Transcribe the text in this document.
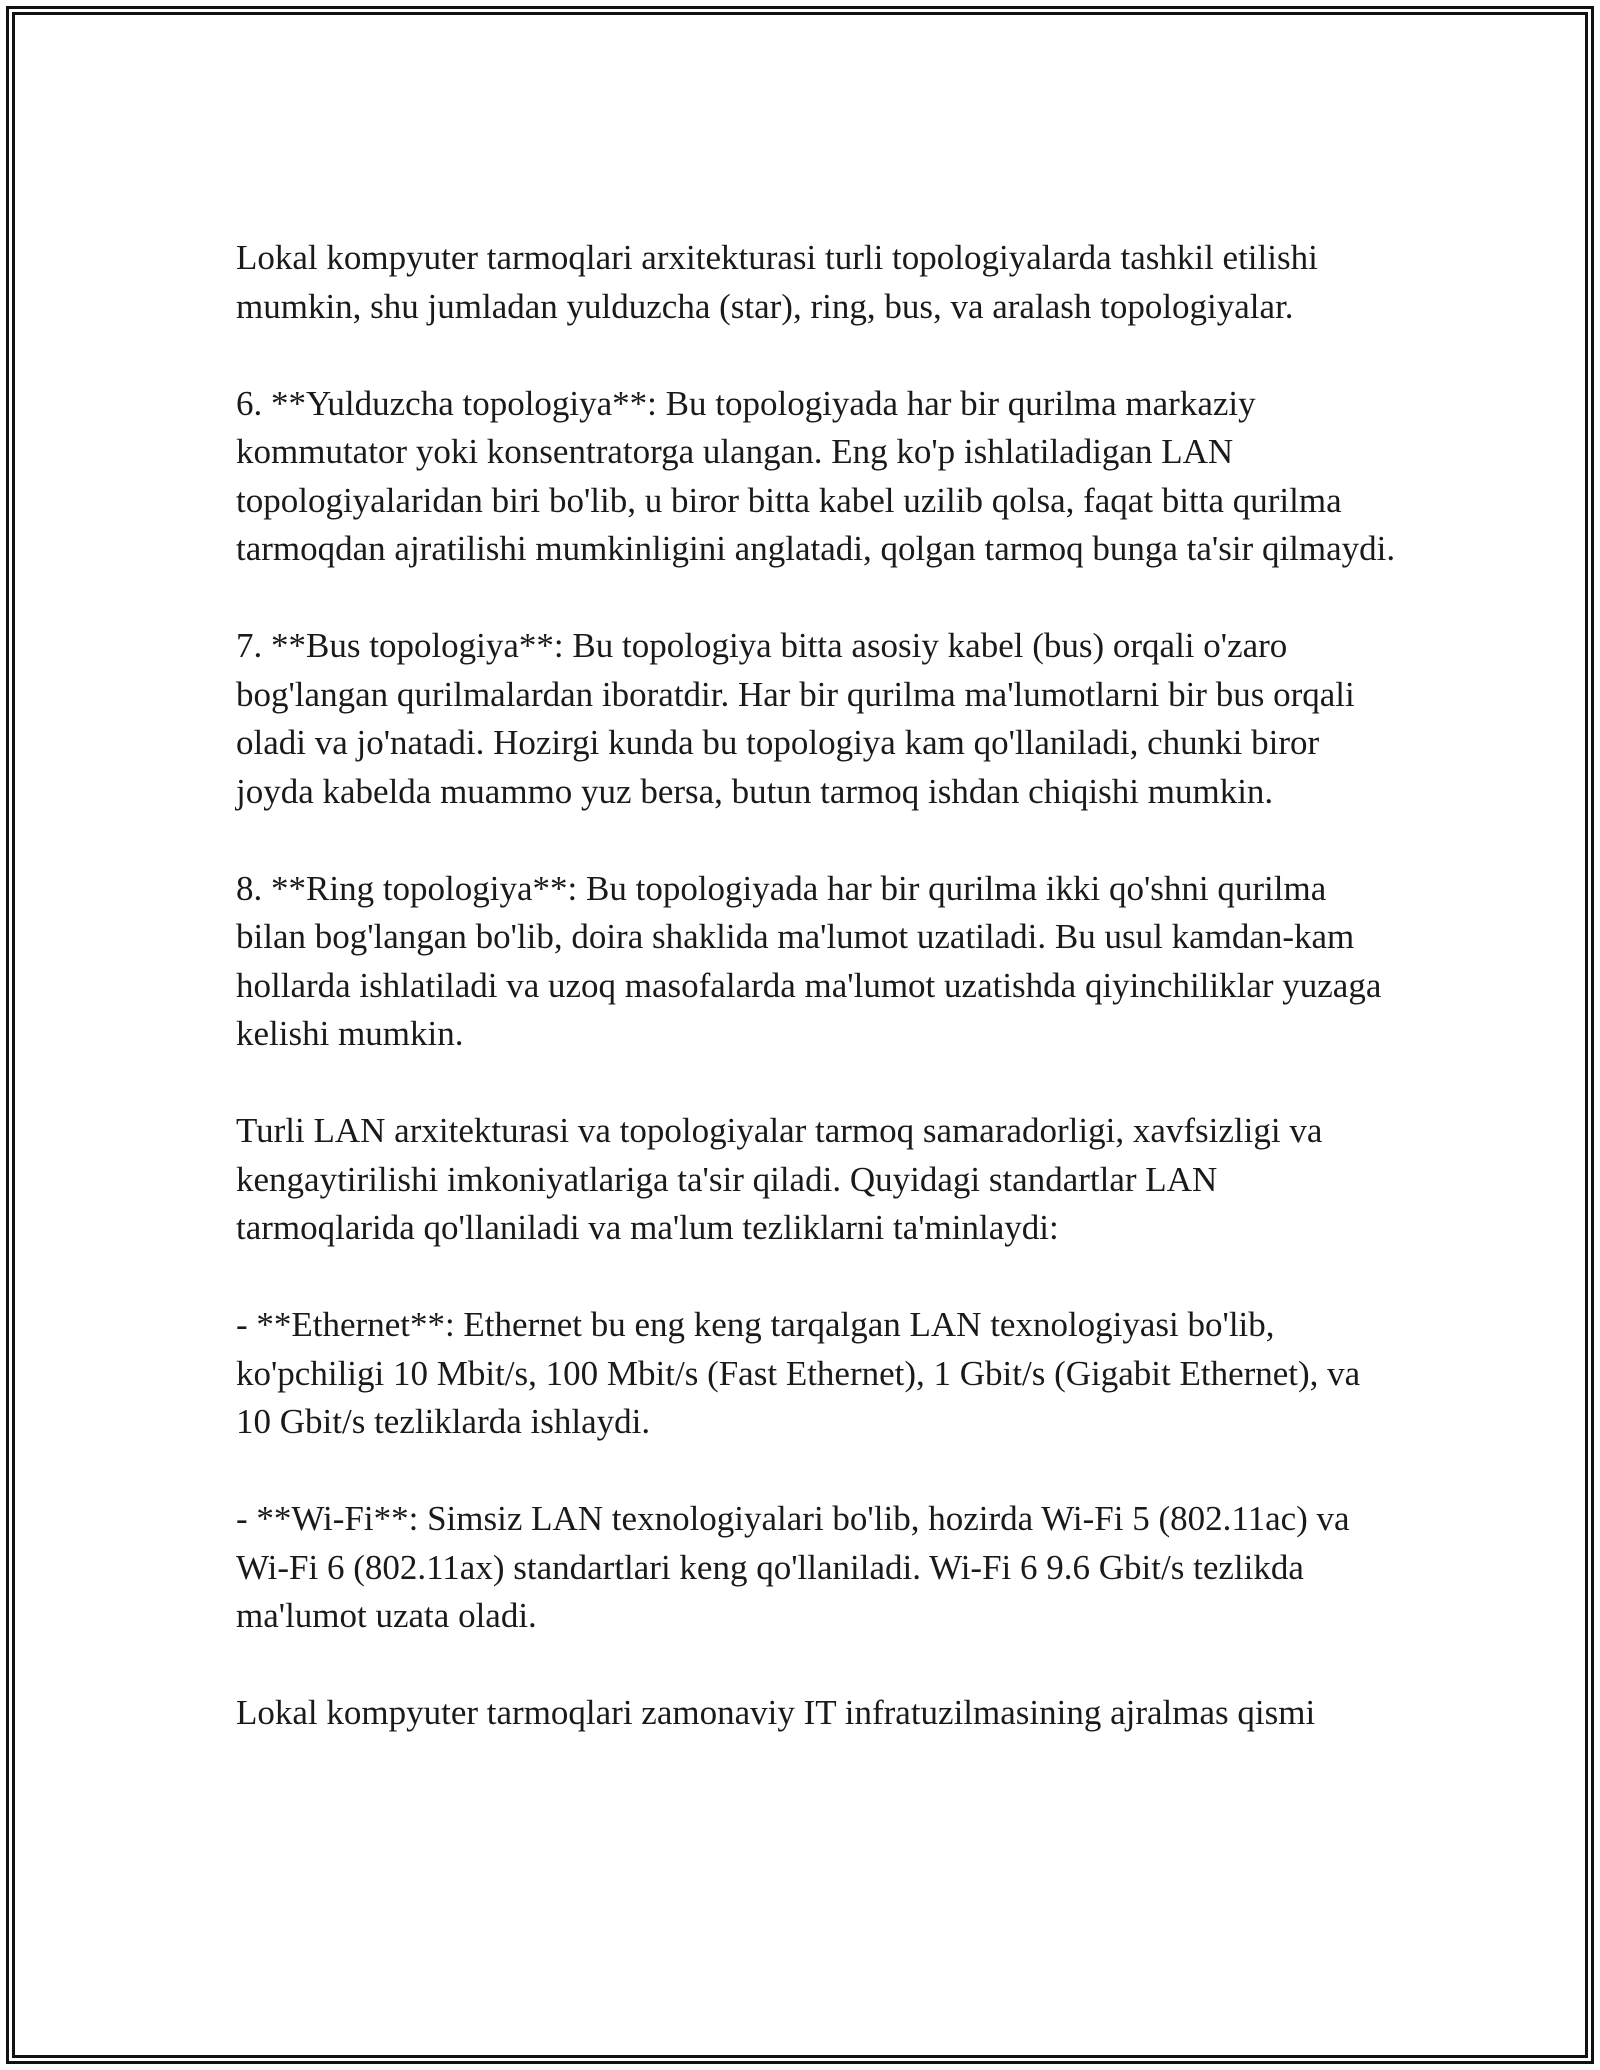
Lokal kompyuter tarmoqlari arxitekturasi turli topologiyalarda tashkil etilishi mumkin, shu jumladan yulduzcha (star), ring, bus, va aralash topologiyalar.

6. **Yulduzcha topologiya**: Bu topologiyada har bir qurilma markaziy kommutator yoki konsentratorga ulangan. Eng ko'p ishlatiladigan LAN topologiyalaridan biri bo'lib, u biror bitta kabel uzilib qolsa, faqat bitta qurilma tarmoqdan ajratilishi mumkinligini anglatadi, qolgan tarmoq bunga ta'sir qilmaydi.

7. **Bus topologiya**: Bu topologiya bitta asosiy kabel (bus) orqali o'zaro bog'langan qurilmalardan iboratdir. Har bir qurilma ma'lumotlarni bir bus orqali oladi va jo'natadi. Hozirgi kunda bu topologiya kam qo'llaniladi, chunki biror joyda kabelda muammo yuz bersa, butun tarmoq ishdan chiqishi mumkin.

8. **Ring topologiya**: Bu topologiyada har bir qurilma ikki qo'shni qurilma bilan bog'langan bo'lib, doira shaklida ma'lumot uzatiladi. Bu usul kamdan-kam hollarda ishlatiladi va uzoq masofalarda ma'lumot uzatishda qiyinchiliklar yuzaga kelishi mumkin.

Turli LAN arxitekturasi va topologiyalar tarmoq samaradorligi, xavfsizligi va kengaytirilishi imkoniyatlariga ta'sir qiladi. Quyidagi standartlar LAN tarmoqlarida qo'llaniladi va ma'lum tezliklarni ta'minlaydi:

- **Ethernet**: Ethernet bu eng keng tarqalgan LAN texnologiyasi bo'lib, ko'pchiligi 10 Mbit/s, 100 Mbit/s (Fast Ethernet), 1 Gbit/s (Gigabit Ethernet), va 10 Gbit/s tezliklarda ishlaydi.

- **Wi-Fi**: Simsiz LAN texnologiyalari bo'lib, hozirda Wi-Fi 5 (802.11ac) va Wi-Fi 6 (802.11ax) standartlari keng qo'llaniladi. Wi-Fi 6 9.6 Gbit/s tezlikda ma'lumot uzata oladi.

Lokal kompyuter tarmoqlari zamonaviy IT infratuzilmasining ajralmas qismi
